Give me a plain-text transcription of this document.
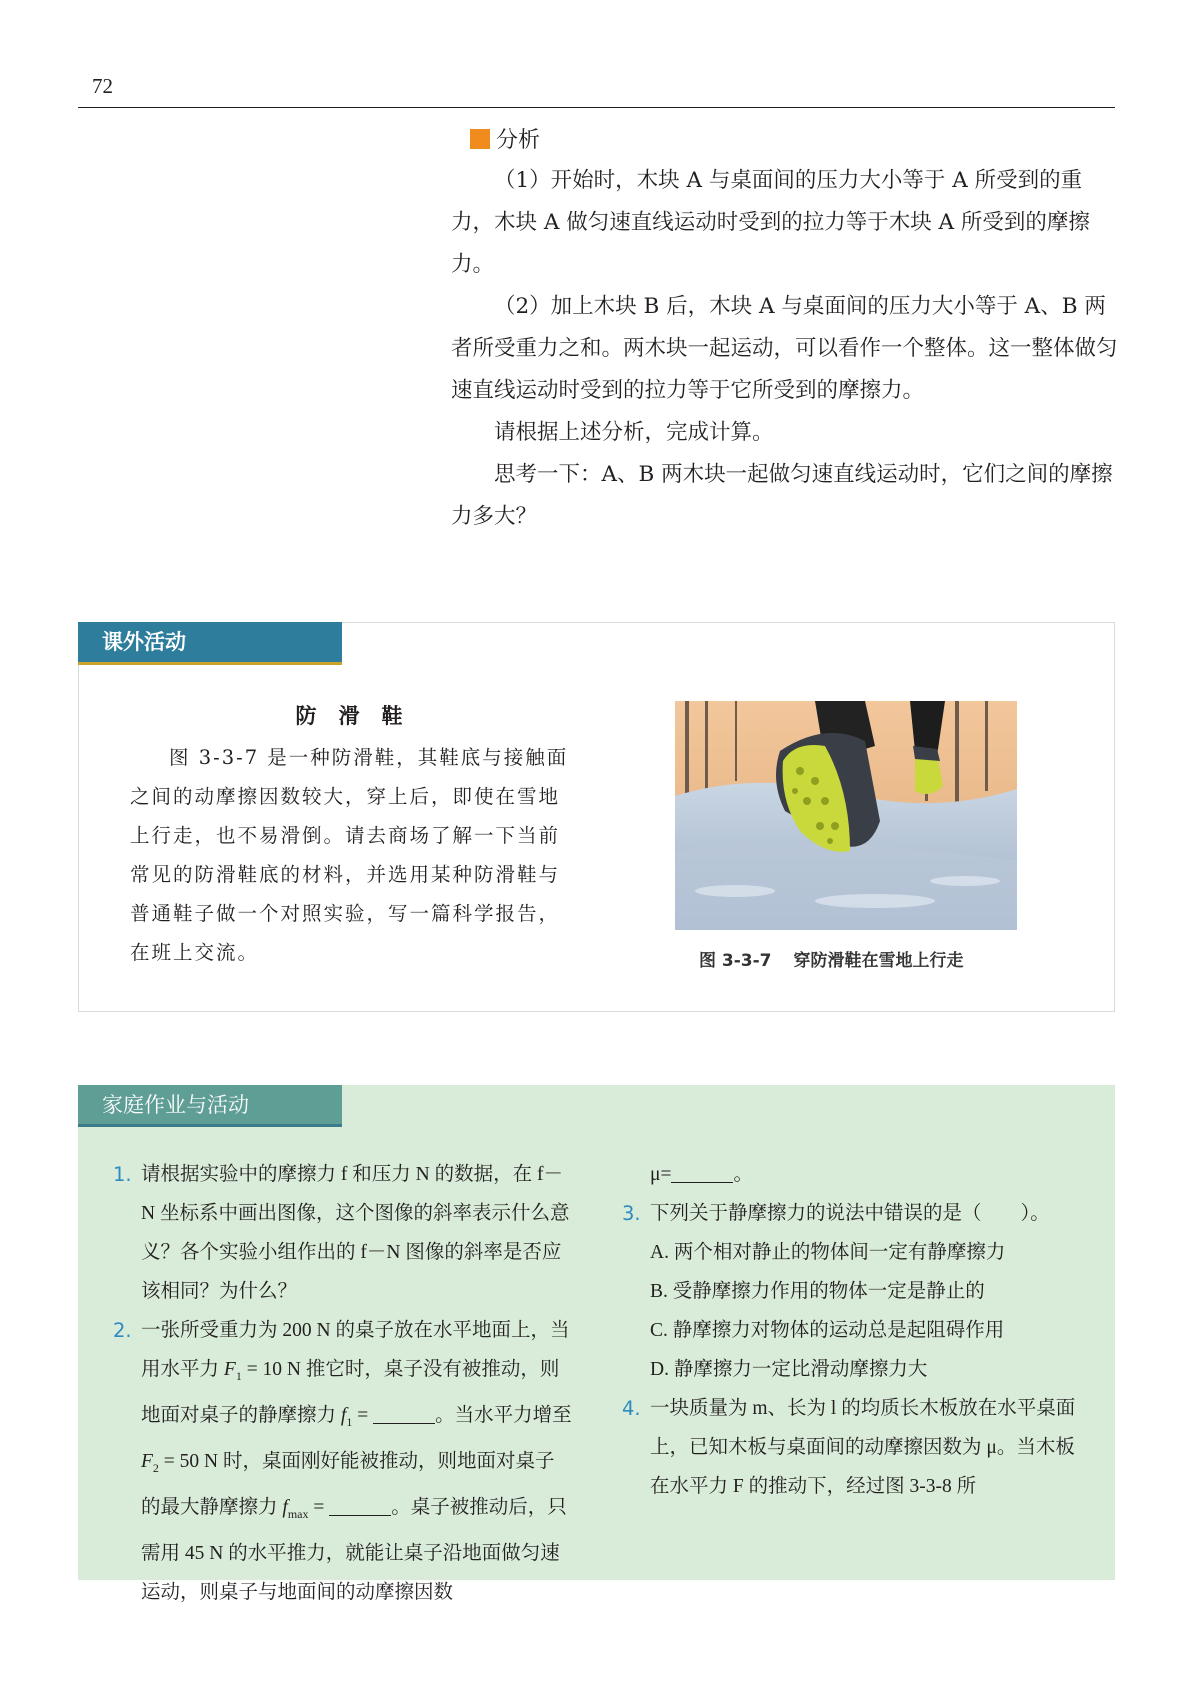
72
分析

（1）开始时，木块 A 与桌面间的压力大小等于 A 所受到的重力，木块 A 做匀速直线运动时受到的拉力等于木块 A 所受到的摩擦力。

（2）加上木块 B 后，木块 A 与桌面间的压力大小等于 A、B 两者所受重力之和。两木块一起运动，可以看作一个整体。这一整体做匀速直线运动时受到的拉力等于它所受到的摩擦力。

请根据上述分析，完成计算。

思考一下：A、B 两木块一起做匀速直线运动时，它们之间的摩擦力多大？

课外活动
防滑鞋

图 3-3-7 是一种防滑鞋，其鞋底与接触面之间的动摩擦因数较大，穿上后，即使在雪地上行走，也不易滑倒。请去商场了解一下当前常见的防滑鞋底的材料，并选用某种防滑鞋与普通鞋子做一个对照实验，写一篇科学报告，在班上交流。	图 3-3-7 穿防滑鞋在雪地上行走
家庭作业与活动

1. 请根据实验中的摩擦力 f 和压力 N 的数据，在 f－N 坐标系中画出图像，这个图像的斜率表示什么意义？各个实验小组作出的 f－N 图像的斜率是否应该相同？为什么？

2. 一张所受重力为 200 N 的桌子放在水平地面上，当用水平力 $F_1 = 10$ N 推它时，桌子没有被推动，则地面对桌子的静摩擦力 $f_1$ =	。当水平力增至 $F_2 = 50$ N 时，桌面刚好能被推动，则地面对桌子的最大静摩擦力 $f_{max}$ =	。桌子被推动后，只需用 45 N 的水平推力，就能让桌子沿地面做匀速运动，则桌子与地面间的动摩擦因数

μ=	。

3. 下列关于静摩擦力的说法中错误的是（　　）。

A. 两个相对静止的物体间一定有静摩擦力

B. 受静摩擦力作用的物体一定是静止的

C. 静摩擦力对物体的运动总是起阻碍作用

D. 静摩擦力一定比滑动摩擦力大

4. 一块质量为 m、长为 l 的均质长木板放在水平桌面上，已知木板与桌面间的动摩擦因数为 μ。当木板在水平力 F 的推动下，经过图 3-3-8 所
